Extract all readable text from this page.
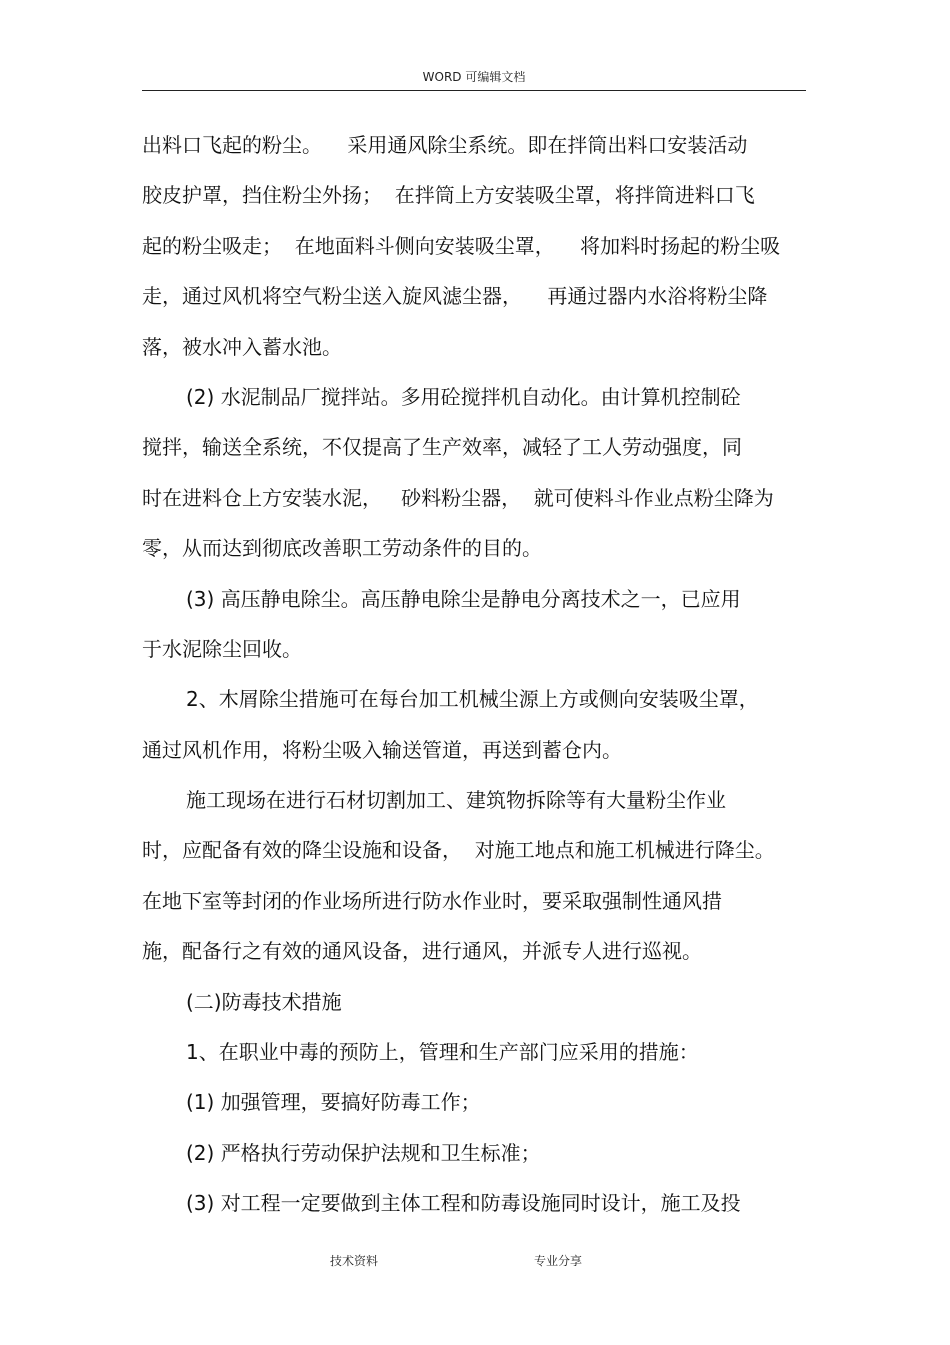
WORD 可编辑文档
出料口飞起的粉尘。    采用通风除尘系统。即在拌筒出料口安装活动
胶皮护罩，挡住粉尘外扬；  在拌筒上方安装吸尘罩，将拌筒进料口飞
起的粉尘吸走；  在地面料斗侧向安装吸尘罩，    将加料时扬起的粉尘吸
走，通过风机将空气粉尘送入旋风滤尘器，    再通过器内水浴将粉尘降
落，被水冲入蓄水池。
(2) 水泥制品厂搅拌站。多用砼搅拌机自动化。由计算机控制砼
搅拌，输送全系统，不仅提高了生产效率，减轻了工人劳动强度，同
时在进料仓上方安装水泥，   砂料粉尘器，  就可使料斗作业点粉尘降为
零，从而达到彻底改善职工劳动条件的目的。
(3) 高压静电除尘。高压静电除尘是静电分离技术之一，已应用
于水泥除尘回收。
2、木屑除尘措施可在每台加工机械尘源上方或侧向安装吸尘罩，
通过风机作用，将粉尘吸入输送管道，再送到蓄仓内。
施工现场在进行石材切割加工、建筑物拆除等有大量粉尘作业
时，应配备有效的降尘设施和设备，  对施工地点和施工机械进行降尘。
在地下室等封闭的作业场所进行防水作业时，要采取强制性通风措
施，配备行之有效的通风设备，进行通风，并派专人进行巡视。
(二)防毒技术措施
1、在职业中毒的预防上，管理和生产部门应采用的措施：
(1) 加强管理，要搞好防毒工作；
(2) 严格执行劳动保护法规和卫生标准；
(3) 对工程一定要做到主体工程和防毒设施同时设计，施工及投
技术资料	专业分享
